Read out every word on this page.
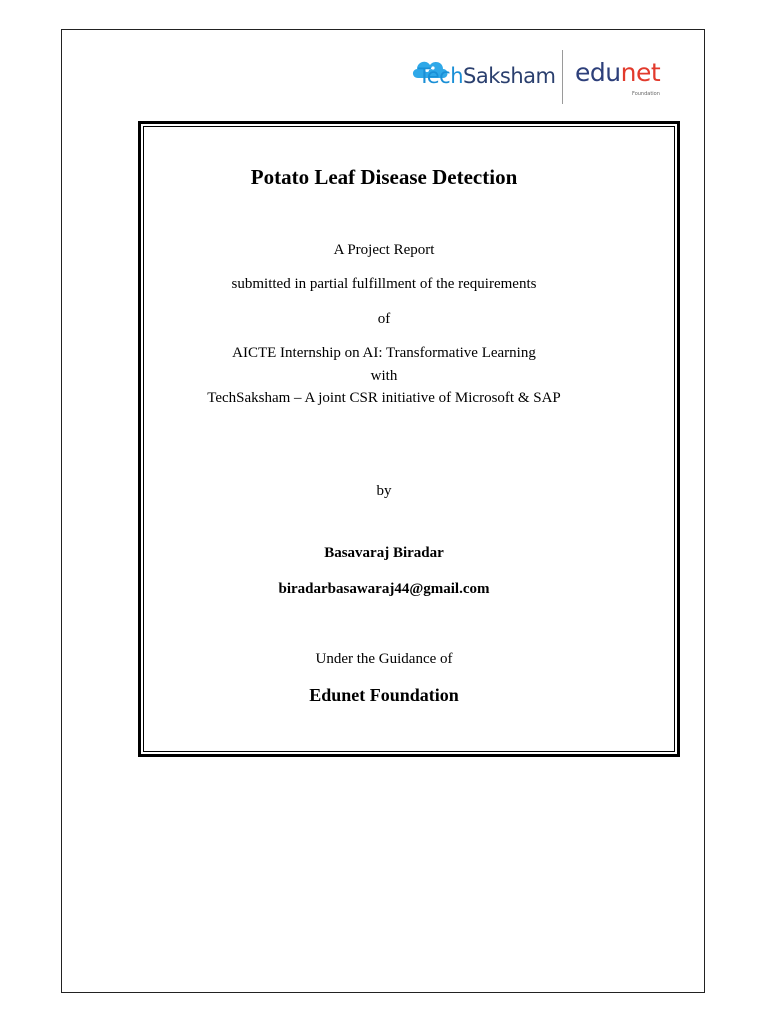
TechSaksham edunet
Foundation
Potato Leaf Disease Detection
A Project Report
submitted in partial fulfillment of the requirements
of
AICTE Internship on AI: Transformative Learning
with
TechSaksham – A joint CSR initiative of Microsoft & SAP
by
Basavaraj Biradar
biradarbasawaraj44@gmail.com
Under the Guidance of
Edunet Foundation
